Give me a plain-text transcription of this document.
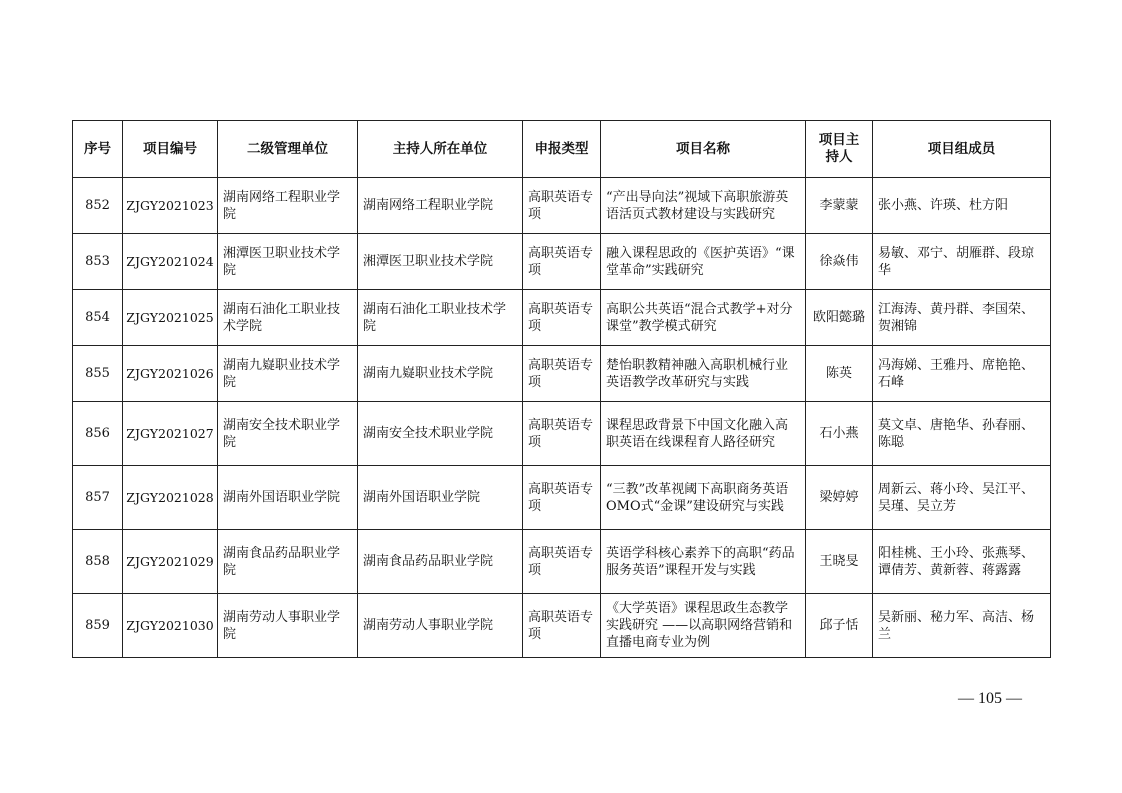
序号	项目编号	二级管理单位	主持人所在单位	申报类型	项目名称	项目主持人	项目组成员
852	ZJGY2021023	湖南网络工程职业学院	湖南网络工程职业学院	高职英语专项	“产出导向法”视域下高职旅游英语活页式教材建设与实践研究	李蒙蒙	张小燕、许瑛、杜方阳
853	ZJGY2021024	湘潭医卫职业技术学院	湘潭医卫职业技术学院	高职英语专项	融入课程思政的《医护英语》“课堂革命”实践研究	徐焱伟	易敏、邓宁、胡雁群、段琼华
854	ZJGY2021025	湖南石油化工职业技术学院	湖南石油化工职业技术学院	高职英语专项	高职公共英语“混合式教学+对分课堂”教学模式研究	欧阳懿璐	江海涛、黄丹群、李国荣、贺湘锦
855	ZJGY2021026	湖南九嶷职业技术学院	湖南九嶷职业技术学院	高职英语专项	楚怡职教精神融入高职机械行业英语教学改革研究与实践	陈英	冯海娣、王雅丹、席艳艳、石峰
856	ZJGY2021027	湖南安全技术职业学院	湖南安全技术职业学院	高职英语专项	课程思政背景下中国文化融入高职英语在线课程育人路径研究	石小燕	莫文卓、唐艳华、孙春丽、陈聪
857	ZJGY2021028	湖南外国语职业学院	湖南外国语职业学院	高职英语专项	“三教”改革视阈下高职商务英语OMO式“金课”建设研究与实践	梁婷婷	周新云、蒋小玲、吴江平、吴瑾、吴立芳
858	ZJGY2021029	湖南食品药品职业学院	湖南食品药品职业学院	高职英语专项	英语学科核心素养下的高职“药品服务英语”课程开发与实践	王晓旻	阳桂桃、王小玲、张燕琴、谭倩芳、黄新蓉、蒋露露
859	ZJGY2021030	湖南劳动人事职业学院	湖南劳动人事职业学院	高职英语专项	《大学英语》课程思政生态教学实践研究 ——以高职网络营销和直播电商专业为例	邱子恬	吴新丽、秘力军、高洁、杨兰
— 105 —
